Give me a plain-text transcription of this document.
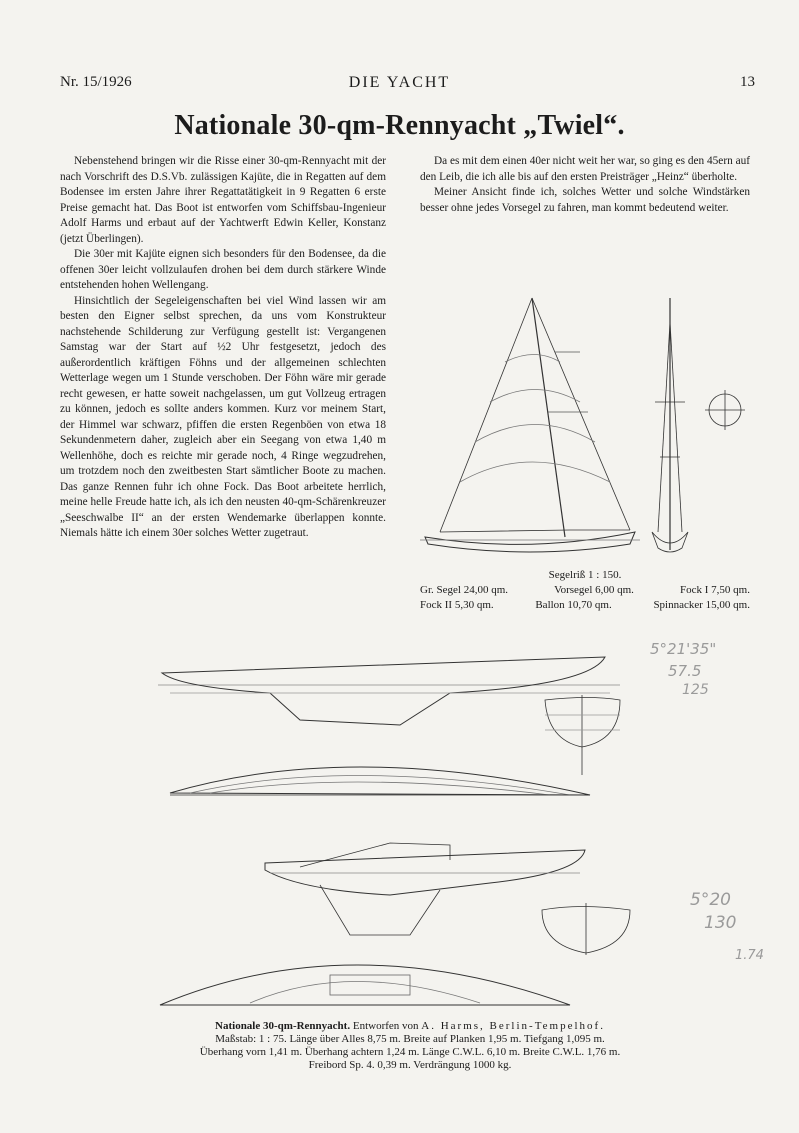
Nr. 15/1926	DIE YACHT	13
Nationale 30-qm-Rennyacht „Twiel“.

Nebenstehend bringen wir die Risse einer 30-qm-Rennyacht mit der nach Vorschrift des D.S.Vb. zulässigen Kajüte, die in Regatten auf dem Bodensee im ersten Jahre ihrer Regattatätigkeit in 9 Regatten 6 erste Preise gemacht hat. Das Boot ist entworfen vom Schiffsbau-Ingenieur Adolf Harms und erbaut auf der Yachtwerft Edwin Keller, Konstanz (jetzt Überlingen).

Die 30er mit Kajüte eignen sich besonders für den Bodensee, da die offenen 30er leicht vollzulaufen drohen bei dem durch stärkere Winde entstehenden hohen Wellengang.

Hinsichtlich der Segeleigenschaften bei viel Wind lassen wir am besten den Eigner selbst sprechen, da uns vom Konstrukteur nachstehende Schilderung zur Verfügung gestellt ist: Vergangenen Samstag war der Start auf ½2 Uhr festgesetzt, jedoch des außerordentlich kräftigen Föhns und der allgemeinen schlechten Wetterlage wegen um 1 Stunde verschoben. Der Föhn wäre mir gerade recht gewesen, er hatte soweit nachgelassen, um gut Vollzeug ertragen zu können, jedoch es sollte anders kommen. Kurz vor meinem Start, der Himmel war schwarz, pfiffen die ersten Regenböen von etwa 18 Sekundenmetern daher, zugleich aber ein Seegang von etwa 1,40 m Wellenhöhe, doch es reichte mir gerade noch, 4 Ringe wegzudrehen, um trotzdem noch den zweitbesten Start sämtlicher Boote zu machen. Das ganze Rennen fuhr ich ohne Fock. Das Boot arbeitete herrlich, meine helle Freude hatte ich, als ich den neusten 40-qm-Schärenkreuzer „Seeschwalbe II“ an der ersten Wendemarke überlappen konnte. Niemals hätte ich einem 30er solches Wetter zugetraut.

Da es mit dem einen 40er nicht weit her war, so ging es den 45ern auf den Leib, die ich alle bis auf den ersten Preisträger „Heinz“ überholte.

Meiner Ansicht finde ich, solches Wetter und solche Windstärken besser ohne jedes Vorsegel zu fahren, man kommt bedeutend weiter.

Segelriß 1 : 150.
Gr. Segel 24,00 qm.	Vorsegel 6,00 qm.	Fock I 7,50 qm.
Fock II 5,30 qm.	Ballon 10,70 qm.	Spinnacker 15,00 qm.
Nationale 30-qm-Rennyacht. Entworfen von A. Harms, Berlin-Tempelhof.
Maßstab: 1 : 75. Länge über Alles 8,75 m. Breite auf Planken 1,95 m. Tiefgang 1,095 m.
Überhang vorn 1,41 m. Überhang achtern 1,24 m. Länge C.W.L. 6,10 m. Breite C.W.L. 1,76 m.
Freibord Sp. 4. 0,39 m. Verdrängung 1000 kg.
5°21'35"
57.5
125
5°20
130
1.74
